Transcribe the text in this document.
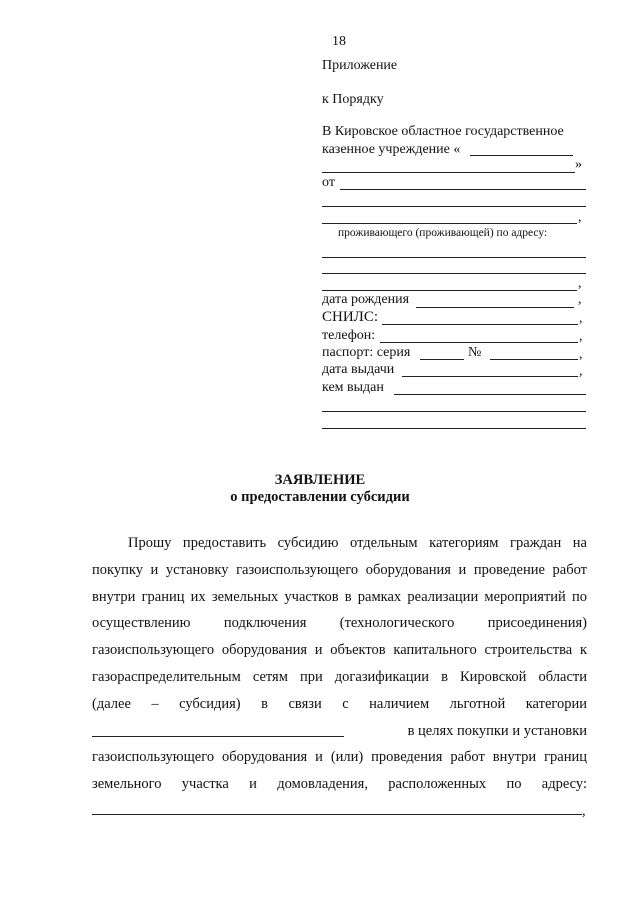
18
Приложение
к Порядку
В Кировское областное государственное
казенное учреждение «
»
от
,
проживающего (проживающей) по адресу:
,
дата рождения	,
СНИЛС:	,
телефон:	,
паспорт: серия	№	,
дата выдачи	,
кем выдан
ЗАЯВЛЕНИЕ
о предоставлении субсидии
Прошу предоставить субсидию отдельным категориям граждан на
покупку и установку газоиспользующего оборудования и проведение работ
внутри границ их земельных участков в рамках реализации мероприятий по
осуществлению подключения (технологического присоединения)
газоиспользующего оборудования и объектов капитального строительства к
газораспределительным сетям при догазификации в Кировской области
(далее – субсидия) в связи с наличием льготной категории
в целях покупки и установки
газоиспользующего оборудования и (или) проведения работ внутри границ
земельного участка и домовладения, расположенных по адресу:
,
